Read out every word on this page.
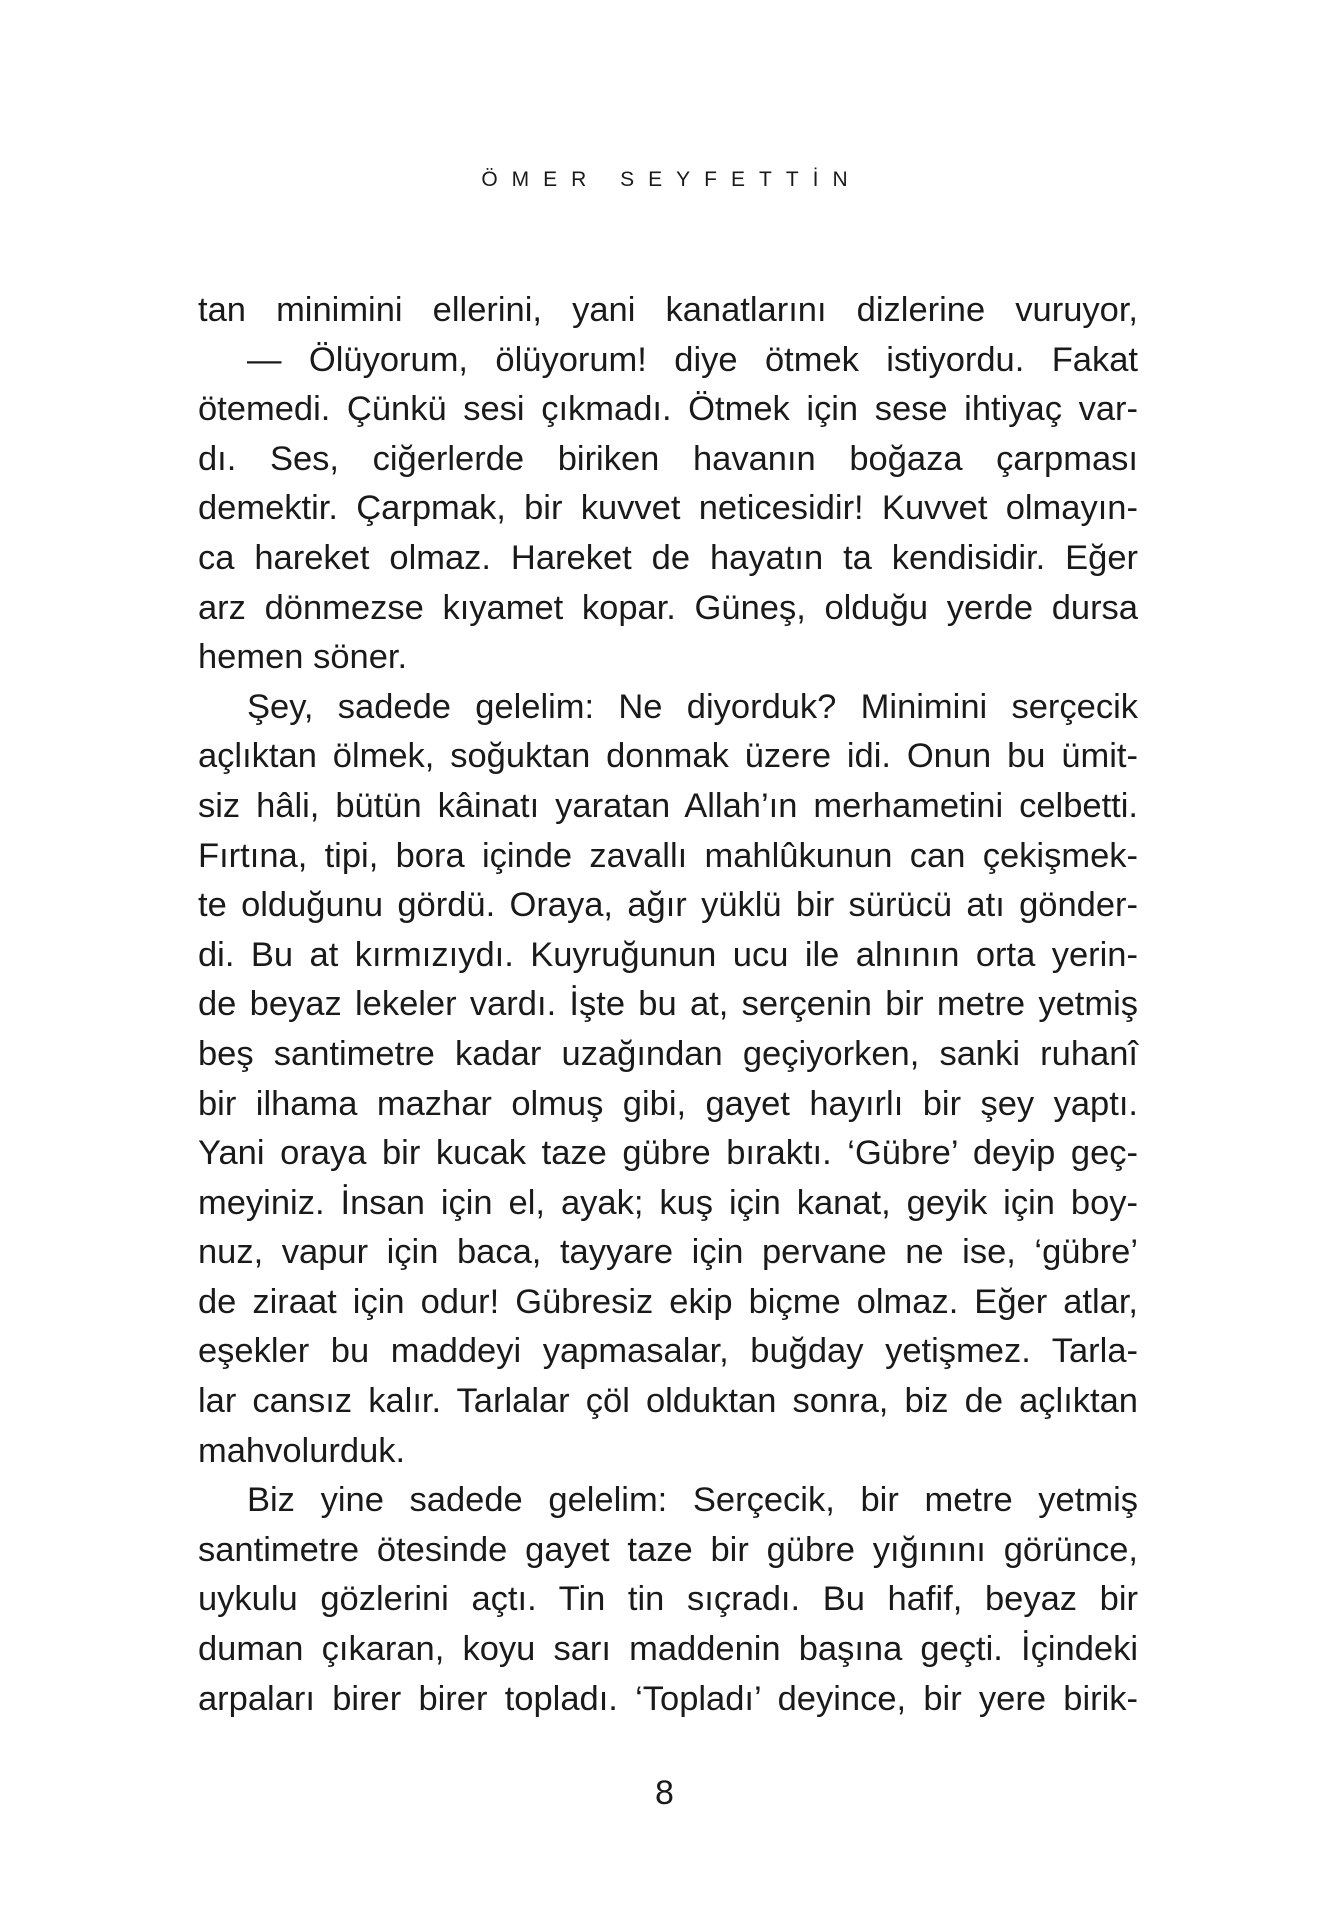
ÖMER SEYFETTİN
tan minimini ellerini, yani kanatlarını dizlerine vuruyor,
— Ölüyorum, ölüyorum! diye ötmek istiyordu. Fakat
ötemedi. Çünkü sesi çıkmadı. Ötmek için sese ihtiyaç var-
dı. Ses, ciğerlerde biriken havanın boğaza çarpması
demektir. Çarpmak, bir kuvvet neticesidir! Kuvvet olmayın-
ca hareket olmaz. Hareket de hayatın ta kendisidir. Eğer
arz dönmezse kıyamet kopar. Güneş, olduğu yerde dursa
hemen söner.
Şey, sadede gelelim: Ne diyorduk? Minimini serçecik
açlıktan ölmek, soğuktan donmak üzere idi. Onun bu ümit-
siz hâli, bütün kâinatı yaratan Allah’ın merhametini celbetti.
Fırtına, tipi, bora içinde zavallı mahlûkunun can çekişmek-
te olduğunu gördü. Oraya, ağır yüklü bir sürücü atı gönder-
di. Bu at kırmızıydı. Kuyruğunun ucu ile alnının orta yerin-
de beyaz lekeler vardı. İşte bu at, serçenin bir metre yetmiş
beş santimetre kadar uzağından geçiyorken, sanki ruhanî
bir ilhama mazhar olmuş gibi, gayet hayırlı bir şey yaptı.
Yani oraya bir kucak taze gübre bıraktı. ‘Gübre’ deyip geç-
meyiniz. İnsan için el, ayak; kuş için kanat, geyik için boy-
nuz, vapur için baca, tayyare için pervane ne ise, ‘gübre’
de ziraat için odur! Gübresiz ekip biçme olmaz. Eğer atlar,
eşekler bu maddeyi yapmasalar, buğday yetişmez. Tarla-
lar cansız kalır. Tarlalar çöl olduktan sonra, biz de açlıktan
mahvolurduk.
Biz yine sadede gelelim: Serçecik, bir metre yetmiş
santimetre ötesinde gayet taze bir gübre yığınını görünce,
uykulu gözlerini açtı. Tin tin sıçradı. Bu hafif, beyaz bir
duman çıkaran, koyu sarı maddenin başına geçti. İçindeki
arpaları birer birer topladı. ‘Topladı’ deyince, bir yere birik-
8
